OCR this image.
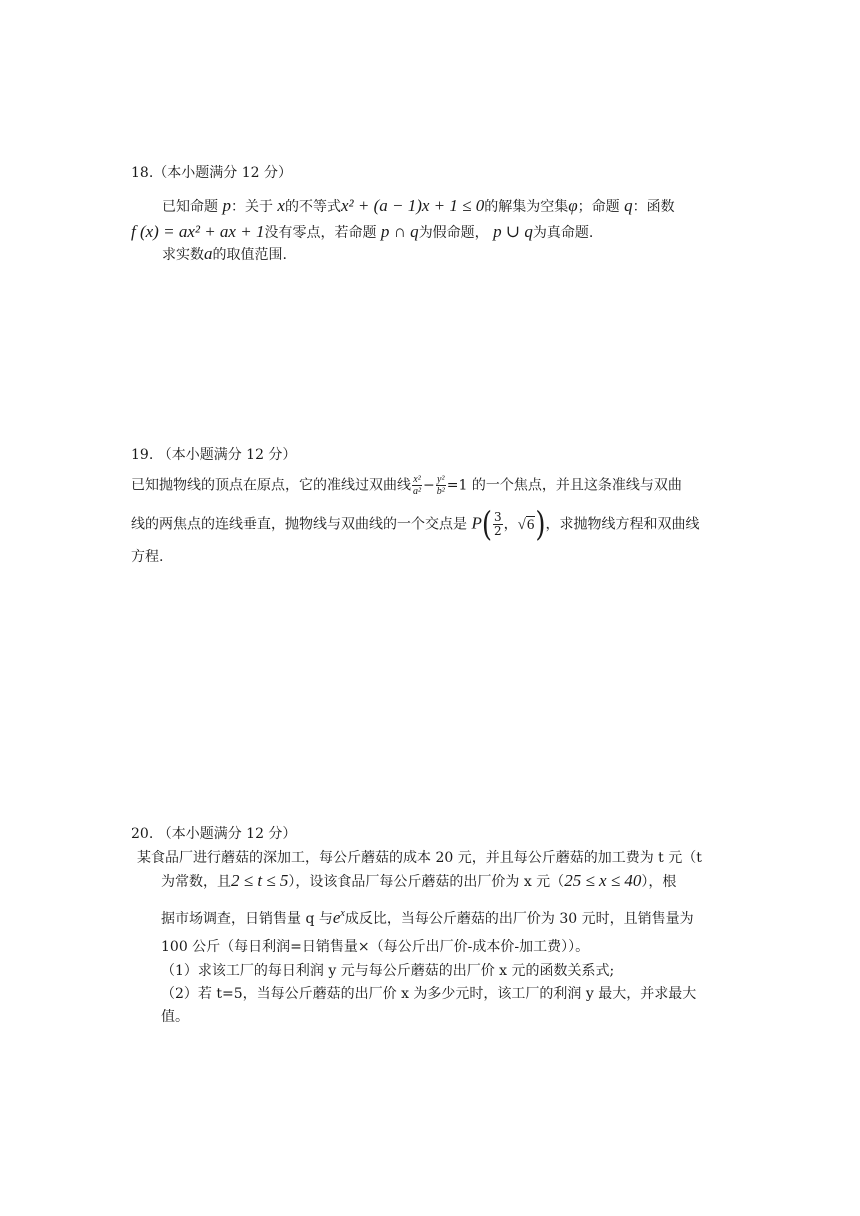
18.（本小题满分 12 分）
已知命题 p：关于 x的不等式x² + (a − 1)x + 1 ≤ 0的解集为空集φ；命题 q：函数
f (x) = ax² + ax + 1没有零点，若命题 p ∩ q为假命题， p ∪ q为真命题.
求实数a的取值范围.
19. （本小题满分 12 分）
已知抛物线的顶点在原点，它的准线过双曲线 $\frac{\text{x²}}{\text{a²}} - \frac{\text{y²}}{\text{b²}} =1$ 的一个焦点，并且这条准线与双曲
线的两焦点的连线垂直，抛物线与双曲线的一个交点是 $P( \frac{3}{2}$ ，√6)，求抛物线方程和双曲线
方程.
20. （本小题满分 12 分）
某食品厂进行蘑菇的深加工，每公斤蘑菇的成本 20 元，并且每公斤蘑菇的加工费为 t 元（t
为常数，且2 ≤ t ≤ 5），设该食品厂每公斤蘑菇的出厂价为 x 元（25 ≤ x ≤ 40），根
据市场调查，日销售量 q 与$e^x$成反比，当每公斤蘑菇的出厂价为 30 元时，且销售量为
100 公斤（每日利润=日销售量×（每公斤出厂价-成本价-加工费））。
（1）求该工厂的每日利润 y 元与每公斤蘑菇的出厂价 x 元的函数关系式;
（2）若 t=5，当每公斤蘑菇的出厂价 x 为多少元时，该工厂的利润 y 最大，并求最大
值。
